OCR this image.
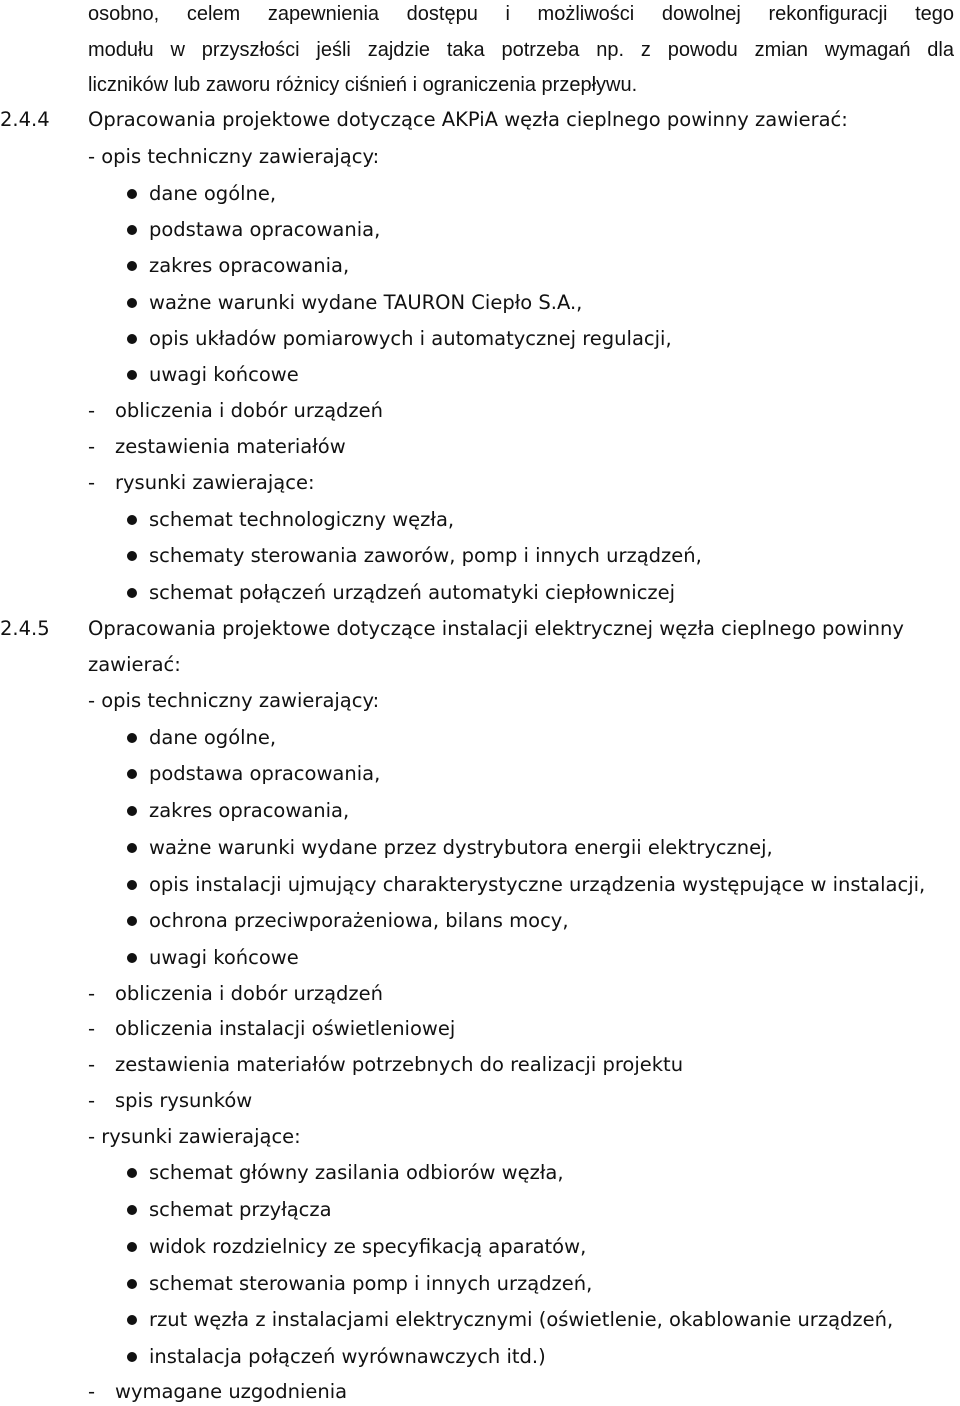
osobno, celem zapewnienia dostępu i możliwości dowolnej rekonfiguracji tego
modułu w przyszłości jeśli zajdzie taka potrzeba np. z powodu zmian wymagań dla
liczników lub zaworu różnicy ciśnień i ograniczenia przepływu.
2.4.4 Opracowania projektowe dotyczące AKPiA węzła cieplnego powinny zawierać:
- opis techniczny zawierający:
dane ogólne,
podstawa opracowania,
zakres opracowania,
ważne warunki wydane TAURON Ciepło S.A.,
opis układów pomiarowych i automatycznej regulacji,
uwagi końcowe
- obliczenia i dobór urządzeń
- zestawienia materiałów
- rysunki zawierające:
schemat technologiczny węzła,
schematy sterowania zaworów, pomp i innych urządzeń,
schemat połączeń urządzeń automatyki ciepłowniczej
2.4.5 Opracowania projektowe dotyczące instalacji elektrycznej węzła cieplnego powinny
zawierać:
- opis techniczny zawierający:
dane ogólne,
podstawa opracowania,
zakres opracowania,
ważne warunki wydane przez dystrybutora energii elektrycznej,
opis instalacji ujmujący charakterystyczne urządzenia występujące w instalacji,
ochrona przeciwporażeniowa, bilans mocy,
uwagi końcowe
- obliczenia i dobór urządzeń
- obliczenia instalacji oświetleniowej
- zestawienia materiałów potrzebnych do realizacji projektu
- spis rysunków
- rysunki zawierające:
schemat główny zasilania odbiorów węzła,
schemat przyłącza
widok rozdzielnicy ze specyfikacją aparatów,
schemat sterowania pomp i innych urządzeń,
rzut węzła z instalacjami elektrycznymi (oświetlenie, okablowanie urządzeń,
instalacja połączeń wyrównawczych itd.)
- wymagane uzgodnienia
